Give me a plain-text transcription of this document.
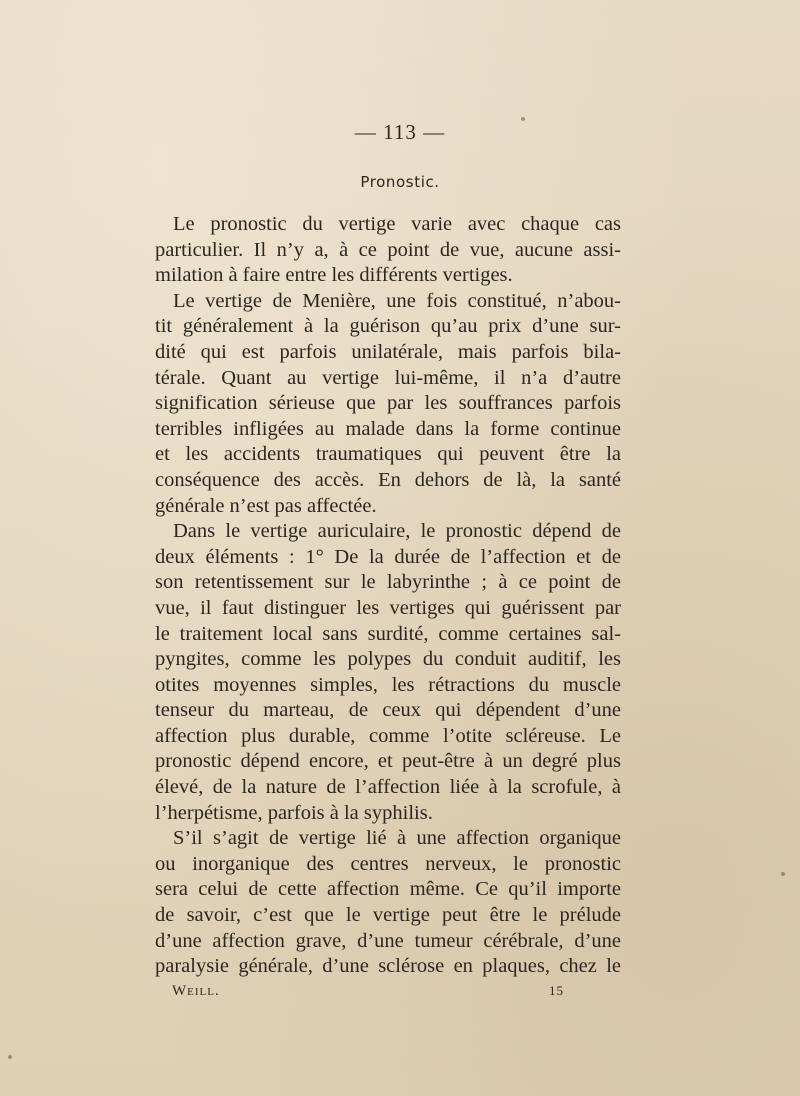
— 113 —
Pronostic.
Le pronostic du vertige varie avec chaque cas
particulier. Il n’y a, à ce point de vue, aucune assi-
milation à faire entre les différents vertiges.
Le vertige de Menière, une fois constitué, n’abou-
tit généralement à la guérison qu’au prix d’une sur-
dité qui est parfois unilatérale, mais parfois bila-
térale. Quant au vertige lui-même, il n’a d’autre
signification sérieuse que par les souffrances parfois
terribles infligées au malade dans la forme continue
et les accidents traumatiques qui peuvent être la
conséquence des accès. En dehors de là, la santé
générale n’est pas affectée.
Dans le vertige auriculaire, le pronostic dépend de
deux éléments : 1° De la durée de l’affection et de
son retentissement sur le labyrinthe ; à ce point de
vue, il faut distinguer les vertiges qui guérissent par
le traitement local sans surdité, comme certaines sal-
pyngites, comme les polypes du conduit auditif, les
otites moyennes simples, les rétractions du muscle
tenseur du marteau, de ceux qui dépendent d’une
affection plus durable, comme l’otite scléreuse. Le
pronostic dépend encore, et peut-être à un degré plus
élevé, de la nature de l’affection liée à la scrofule, à
l’herpétisme, parfois à la syphilis.
S’il s’agit de vertige lié à une affection organique
ou inorganique des centres nerveux, le pronostic
sera celui de cette affection même. Ce qu’il importe
de savoir, c’est que le vertige peut être le prélude
d’une affection grave, d’une tumeur cérébrale, d’une
paralysie générale, d’une sclérose en plaques, chez le
Weill.	15
